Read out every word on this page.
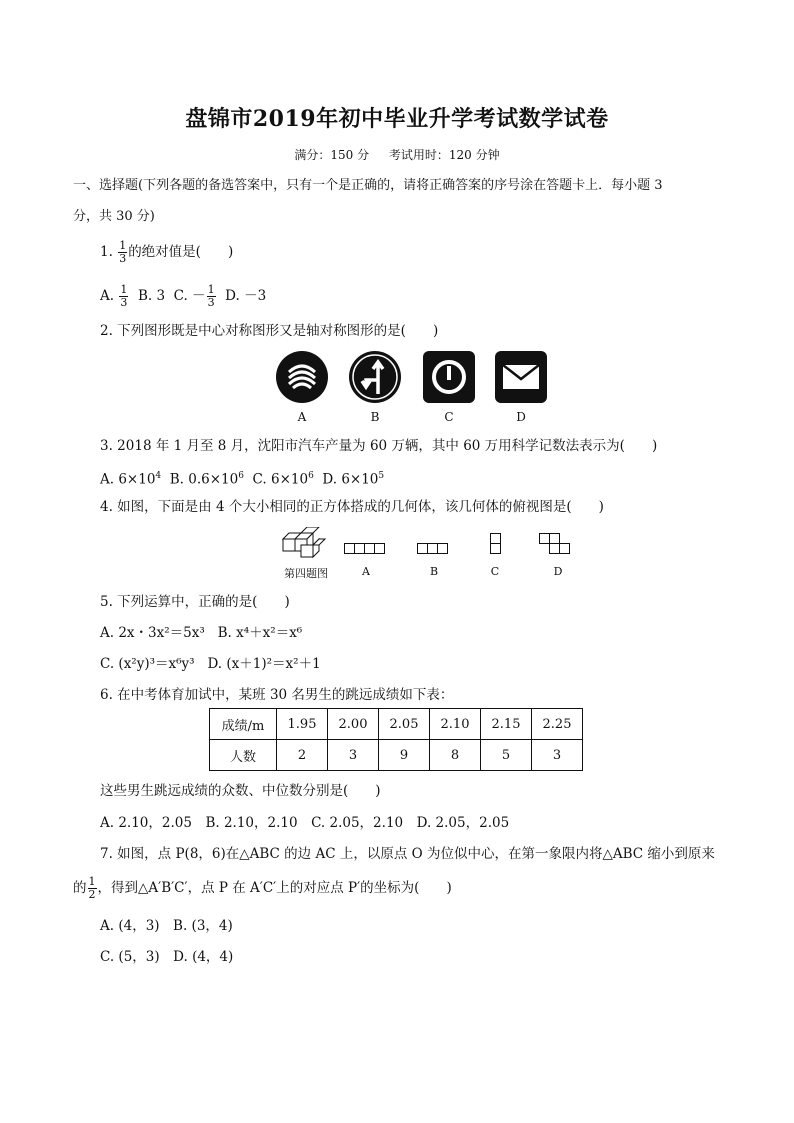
盘锦市2019年初中毕业升学考试数学试卷
满分：150 分 考试用时：120 分钟
一、选择题(下列各题的备选答案中，只有一个是正确的，请将正确答案的序号涂在答题卡上．每小题 3
分，共 30 分)
1. $\frac{1}{3}$ 的绝对值是(　　)
A. $\frac{1}{3} B$. 3 C. － $\frac{1}{3} D$. －3
2. 下列图形既是中心对称图形又是轴对称图形的是(　　)
A	B	C	D
3. 2018 年 1 月至 8 月，沈阳市汽车产量为 60 万辆，其中 60 万用科学记数法表示为(　　)
A. $6\times 10^4$ B. $0.6\times 10^6$ C. $6\times 10^6$ D. $6\times 10^5$
4. 如图，下面是由 4 个大小相同的正方体搭成的几何体，该几何体的俯视图是(　　)
第四题图	A	B	C	D
5. 下列运算中，正确的是(　　)
A. 2x・3x²＝5x³ B. x⁴＋x²＝x⁶
C. (x²y)³＝x⁶y³ D. (x＋1)²＝x²＋1
6. 在中考体育加试中，某班 30 名男生的跳远成绩如下表：
成绩/m	1.95	2.00	2.05	2.10	2.15	2.25
人数	2	3	9	8	5	3
这些男生跳远成绩的众数、中位数分别是(　　)
A. 2.10，2.05　B. 2.10，2.10　C. 2.05，2.10　D. 2.05，2.05
7. 如图，点 P(8，6)在△ABC 的边 AC 上，以原点 O 为位似中心，在第一象限内将△ABC 缩小到原来
的 $\frac{1}{2}$ ，得到△A′B′C′，点 P 在 A′C′上的对应点 P′的坐标为(　　)
A. (4，3)　B. (3，4)
C. (5，3)　D. (4，4)
